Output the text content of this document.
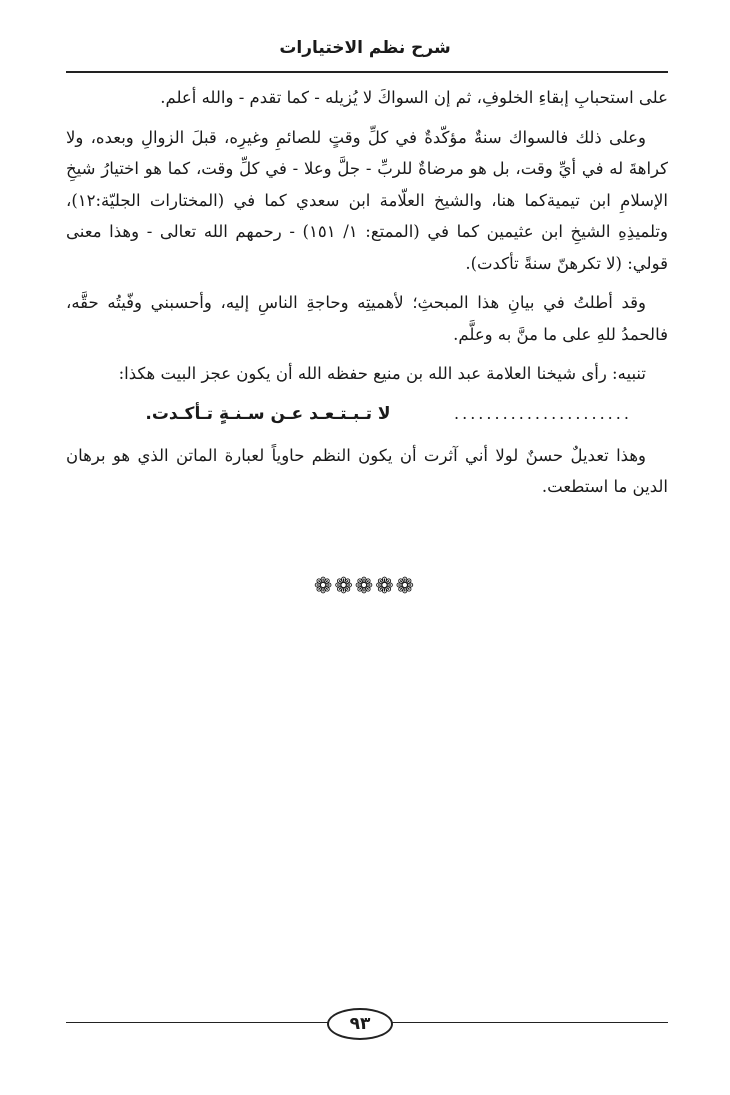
شرح نظم الاختيارات

على استحبابِ إبقاءِ الخلوفِ، ثم إن السواكَ لا يُزيله - كما تقدم - والله أعلم.

وعلى ذلك فالسواك سنةٌ مؤكّدةٌ في كلِّ وقتٍ للصائمِ وغيرِه، قبلَ الزوالِ وبعده، ولا كراهةَ له في أيِّ وقت، بل هو مرضاةٌ للربِّ - جلَّ وعلا - في كلِّ وقت، كما هو اختيارُ شيخِ الإسلامِ ابن تيميةكما هنا، والشيخ العلّامة ابن سعدي كما في (المختارات الجليّة:١٢)، وتلميذِهِ الشيخِ ابن عثيمين كما في (الممتع: ١/ ١٥١) - رحمهم الله تعالى - وهذا معنى قولي: (لا تكرهنّ سنةً تأكدت).

وقد أطلتُ في بيانِ هذا المبحثِ؛ لأهميتِه وحاجةِ الناسِ إليه، وأحسبني وفّيتُه حقَّه، فالحمدُ للهِ على ما منَّ به وعلَّم.

تنبيه: رأى شيخنا العلامة عبد الله بن منيع حفظه الله أن يكون عجز البيت هكذا:

......................
لا تـبـتـعـد عـن سـنـةٍ تـأكـدت.

وهذا تعديلٌ حسنٌ لولا أني آثرت أن يكون النظم حاوياً لعبارة الماتن الذي هو برهان الدين ما استطعت.

❁❁❁❁❁
٩٣
